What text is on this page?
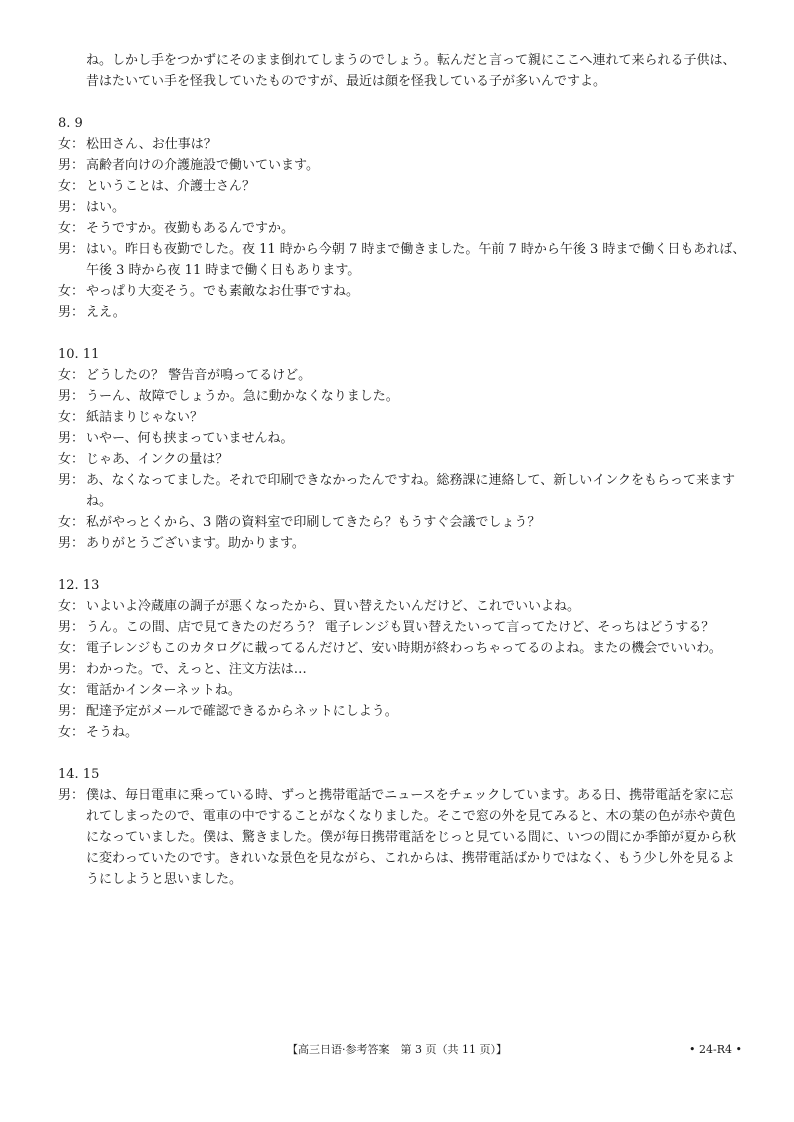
ね。しかし手をつかずにそのまま倒れてしまうのでしょう。転んだと言って親にここへ連れて来られる子供は、昔はたいてい手を怪我していたものですが、最近は顔を怪我している子が多いんですよ。

8. 9

女： 松田さん、お仕事は？

男： 高齢者向けの介護施設で働いています。

女： ということは、介護士さん？

男： はい。

女： そうですか。夜勤もあるんですか。

男： はい。昨日も夜勤でした。夜 11 時から今朝 7 時まで働きました。午前 7 時から午後 3 時まで働く日もあれば、午後 3 時から夜 11 時まで働く日もあります。

女： やっぱり大変そう。でも素敵なお仕事ですね。

男： ええ。

10. 11

女： どうしたの？ 警告音が鳴ってるけど。

男： うーん、故障でしょうか。急に動かなくなりました。

女： 紙詰まりじゃない？

男： いやー、何も挟まっていませんね。

女： じゃあ、インクの量は？

男： あ、なくなってました。それで印刷できなかったんですね。総務課に連絡して、新しいインクをもらって来ますね。

女： 私がやっとくから、3 階の資料室で印刷してきたら？もうすぐ会議でしょう？

男： ありがとうございます。助かります。

12. 13

女： いよいよ冷蔵庫の調子が悪くなったから、買い替えたいんだけど、これでいいよね。

男： うん。この間、店で見てきたのだろう？ 電子レンジも買い替えたいって言ってたけど、そっちはどうする？

女： 電子レンジもこのカタログに載ってるんだけど、安い時期が終わっちゃってるのよね。またの機会でいいわ。

男： わかった。で、えっと、注文方法は…

女： 電話かインターネットね。

男： 配達予定がメールで確認できるからネットにしよう。

女： そうね。

14. 15

男： 僕は、毎日電車に乗っている時、ずっと携帯電話でニュースをチェックしています。ある日、携帯電話を家に忘れてしまったので、電車の中ですることがなくなりました。そこで窓の外を見てみると、木の葉の色が赤や黄色になっていました。僕は、驚きました。僕が毎日携帯電話をじっと見ている間に、いつの間にか季節が夏から秋に変わっていたのです。きれいな景色を見ながら、これからは、携帯電話ばかりではなく、もう少し外を見るようにしようと思いました。

【高三日语·参考答案　第 3 页（共 11 页）】	• 24-R4 •
